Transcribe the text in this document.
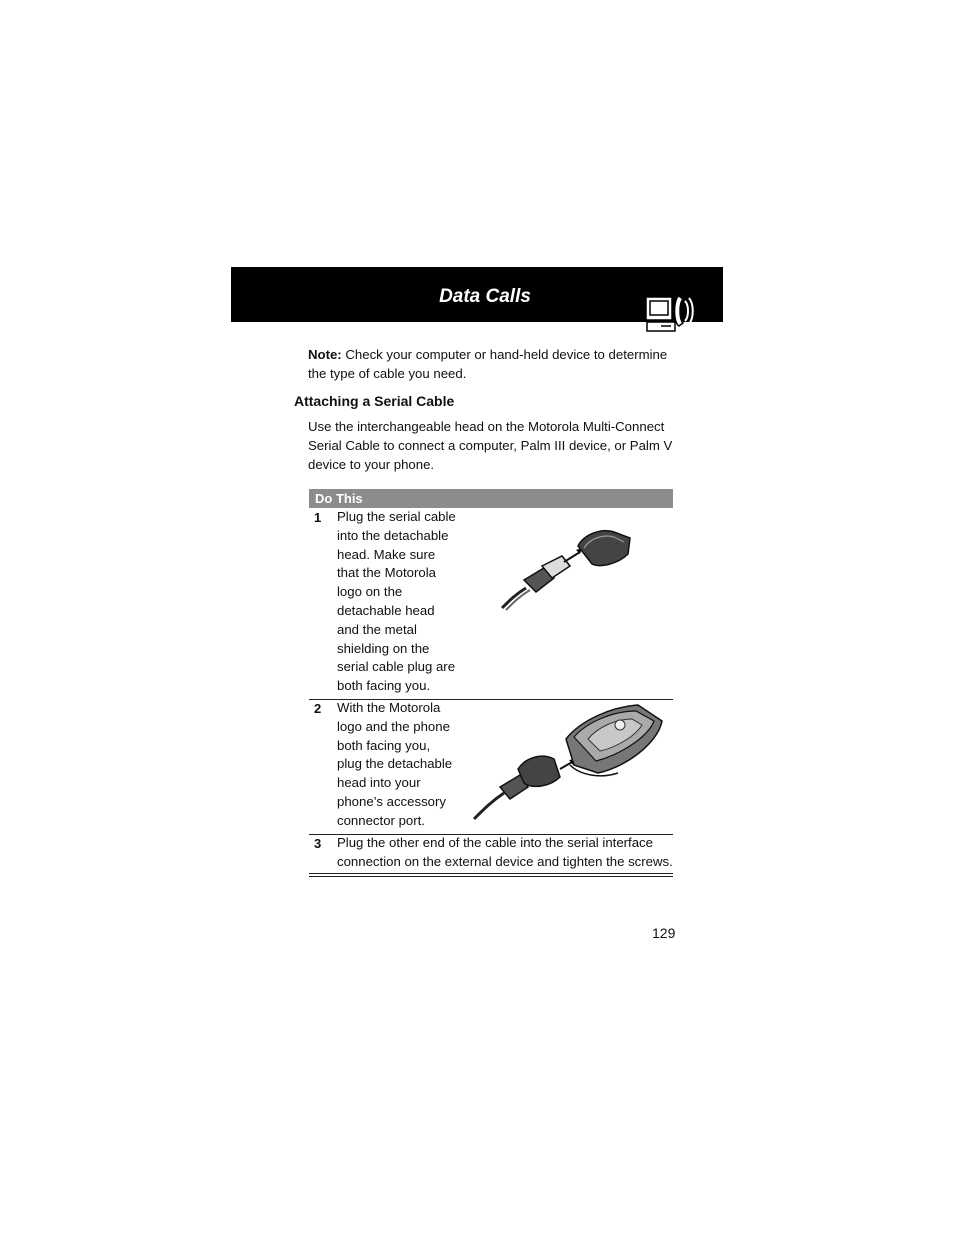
Data Calls
Note: Check your computer or hand-held device to determine the type of cable you need.
Attaching a Serial Cable
Use the interchangeable head on the Motorola Multi-Connect Serial Cable to connect a computer, Palm III device, or Palm V device to your phone.
Do This
1 Plug the serial cable into the detachable head. Make sure that the Motorola logo on the detachable head and the metal shielding on the serial cable plug are both facing you.
2 With the Motorola logo and the phone both facing you, plug the detachable head into your phone’s accessory connector port.
3 Plug the other end of the cable into the serial interface connection on the external device and tighten the screws.
129
